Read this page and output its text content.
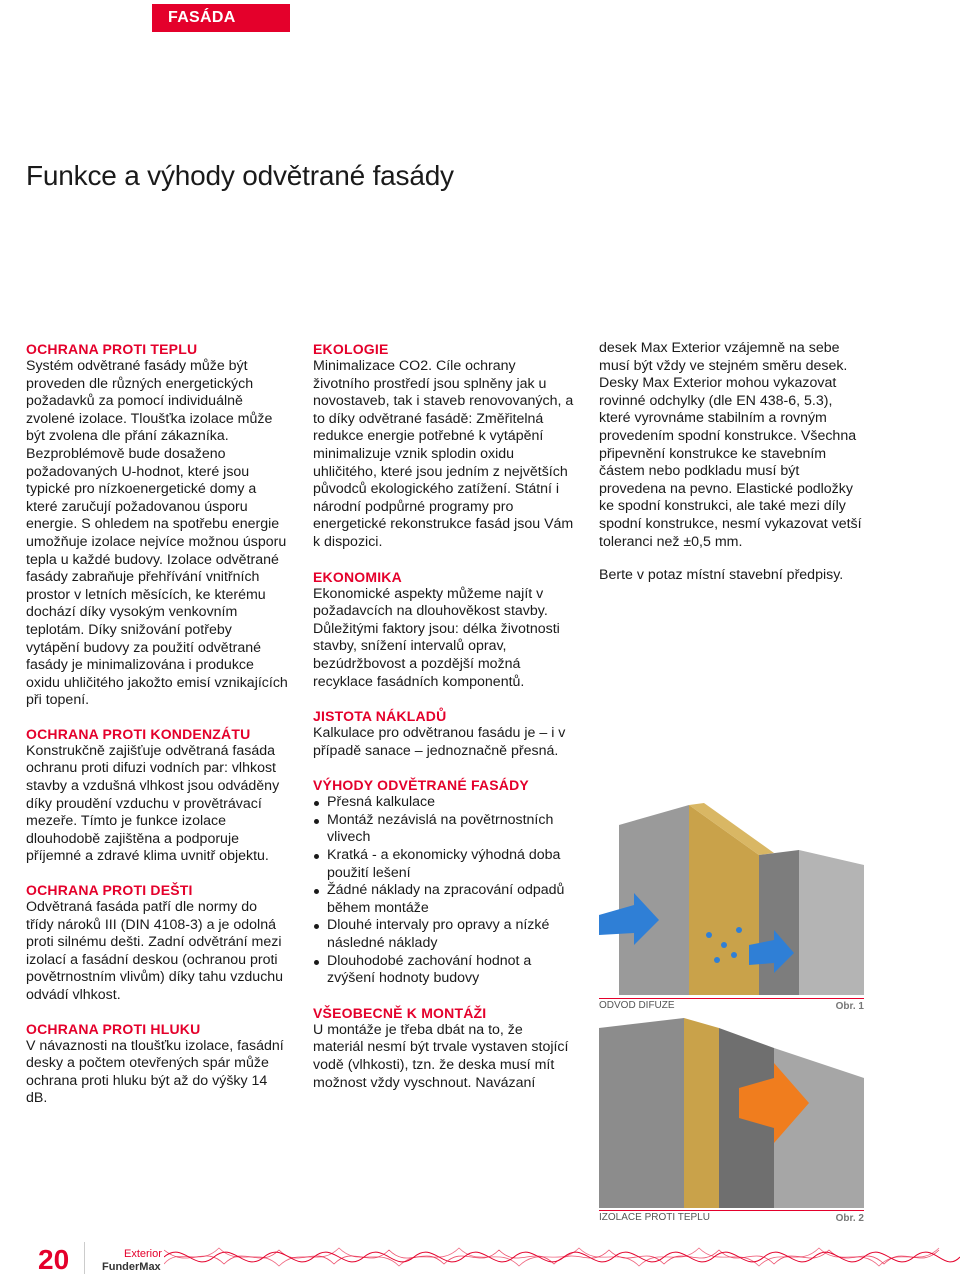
FASÁDA
Funkce a výhody odvětrané fasády
OCHRANA PROTI TEPLU

Systém odvětrané fasády může být proveden dle různých energetických požadavků za pomocí individuálně zvolené izolace. Tloušťka izolace může být zvolena dle přání zákazníka. Bezproblémově bude dosaženo požadovaných U-hodnot, které jsou typické pro nízkoenergetické domy a které zaručují požadovanou úsporu energie. S ohledem na spotřebu energie umožňuje izolace nejvíce možnou úsporu tepla u každé budovy. Izolace odvětrané fasády zabraňuje přehřívání vnitřních prostor v letních měsících, ke kterému dochází díky vysokým venkovním teplotám. Díky snižování potřeby vytápění budovy za použití odvětrané fasády je minimalizována i produkce oxidu uhličitého jakožto emisí vznikajících při topení.

OCHRANA PROTI KONDENZÁTU

Konstrukčně zajišťuje odvětraná fasáda ochranu proti difuzi vodních par: vlhkost stavby a vzdušná vlhkost jsou odváděny díky proudění vzduchu v provětrávací mezeře. Tímto je funkce izolace dlouhodobě zajištěna a podporuje příjemné a zdravé klima uvnitř objektu.

OCHRANA PROTI DEŠTI

Odvětraná fasáda patří dle normy do třídy nároků III (DIN 4108-3) a je odolná proti silnému dešti. Zadní odvětrání mezi izolací a fasádní deskou (ochranou proti povětrnostním vlivům) díky tahu vzduchu odvádí vlhkost.

OCHRANA PROTI HLUKU

V návaznosti na tloušťku izolace, fasádní desky a počtem otevřených spár může ochrana proti hluku být až do výšky 14 dB.

EKOLOGIE

Minimalizace CO2. Cíle ochrany životního prostředí jsou splněny jak u novostaveb, tak i staveb renovovaných, a to díky odvětrané fasádě: Změřitelná redukce energie potřebné k vytápění minimalizuje vznik splodin oxidu uhličitého, které jsou jedním z největších původců ekologického zatížení. Státní i národní podpůrné programy pro energetické rekonstrukce fasád jsou Vám k dispozici.

EKONOMIKA

Ekonomické aspekty můžeme najít v požadavcích na dlouhověkost stavby. Důležitými faktory jsou: délka životnosti stavby, snížení intervalů oprav, bezúdržbovost a pozdější možná recyklace fasádních komponentů.

JISTOTA NÁKLADŮ

Kalkulace pro odvětranou fasádu je – i v případě sanace – jednoznačně přesná.

VÝHODY ODVĚTRANÉ FASÁDY
Přesná kalkulace
Montáž nezávislá na povětrnostních vlivech
Kratká - a ekonomicky výhodná doba použití lešení
Žádné náklady na zpracování odpadů během montáže
Dlouhé intervaly pro opravy a nízké následné náklady
Dlouhodobé zachování hodnot a zvýšení hodnoty budovy
VŠEOBECNĚ K MONTÁŽI

U montáže je třeba dbát na to, že materiál nesmí být trvale vystaven stojící vodě (vlhkosti), tzn. že deska musí mít možnost vždy vyschnout. Navázaní

desek Max Exterior vzájemně na sebe musí být vždy ve stejném směru desek. Desky Max Exterior mohou vykazovat rovinné odchylky (dle EN 438-6, 5.3), které vyrovnáme stabilním a rovným provedením spodní konstrukce. Všechna připevnění konstrukce ke stavebním částem nebo podkladu musí být provedena na pevno. Elastické podložky ke spodní konstrukci, ale také mezi díly spodní konstrukce, nesmí vykazovat vetší toleranci než ±0,5 mm.

Berte v potaz místní stavební předpisy.

ODVOD DIFUZE	Obr. 1
IZOLACE PROTI TEPLU	Obr. 2
20	Exterior
FunderMax
